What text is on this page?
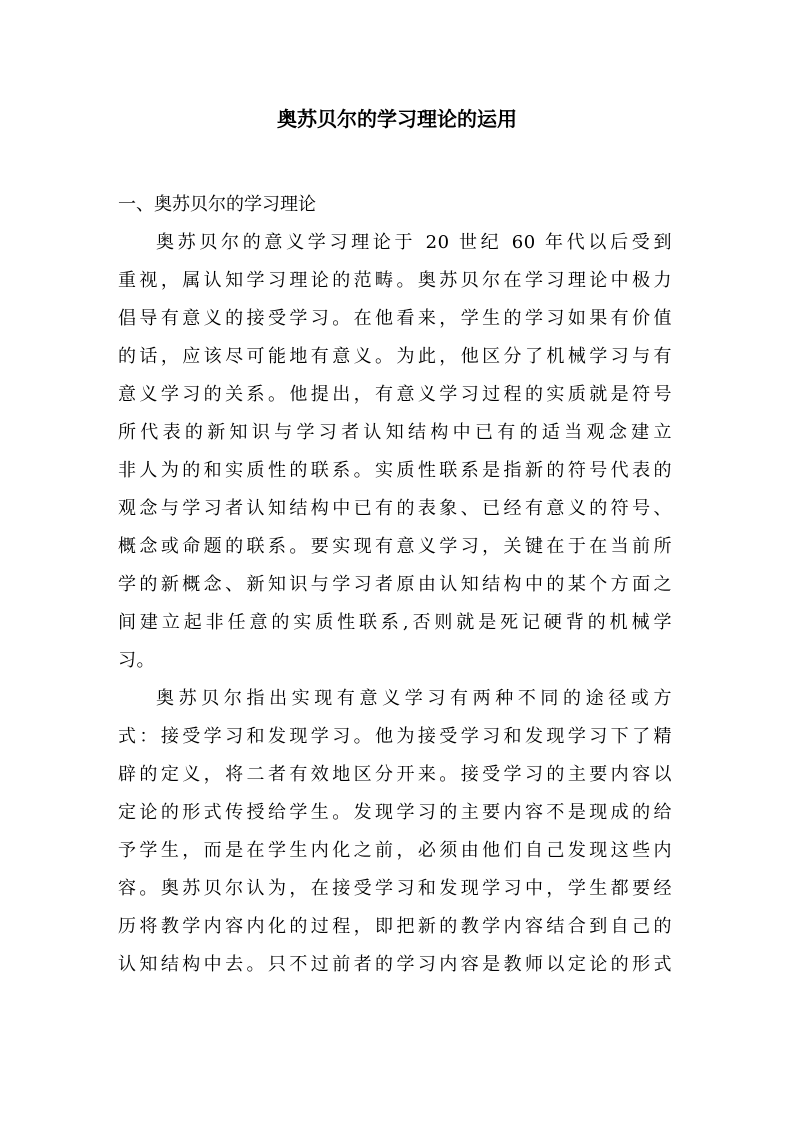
奥苏贝尔的学习理论的运用
一、奥苏贝尔的学习理论
奥苏贝尔的意义学习理论于 20 世纪 60 年代以后受到
重视，属认知学习理论的范畴。奥苏贝尔在学习理论中极力
倡导有意义的接受学习。在他看来，学生的学习如果有价值
的话，应该尽可能地有意义。为此，他区分了机械学习与有
意义学习的关系。他提出，有意义学习过程的实质就是符号
所代表的新知识与学习者认知结构中已有的适当观念建立
非人为的和实质性的联系。实质性联系是指新的符号代表的
观念与学习者认知结构中已有的表象、已经有意义的符号、
概念或命题的联系。要实现有意义学习，关键在于在当前所
学的新概念、新知识与学习者原由认知结构中的某个方面之
间建立起非任意的实质性联系,否则就是死记硬背的机械学
习。
奥苏贝尔指出实现有意义学习有两种不同的途径或方
式：接受学习和发现学习。他为接受学习和发现学习下了精
辟的定义，将二者有效地区分开来。接受学习的主要内容以
定论的形式传授给学生。发现学习的主要内容不是现成的给
予学生，而是在学生内化之前，必须由他们自己发现这些内
容。奥苏贝尔认为，在接受学习和发现学习中，学生都要经
历将教学内容内化的过程，即把新的教学内容结合到自己的
认知结构中去。只不过前者的学习内容是教师以定论的形式
